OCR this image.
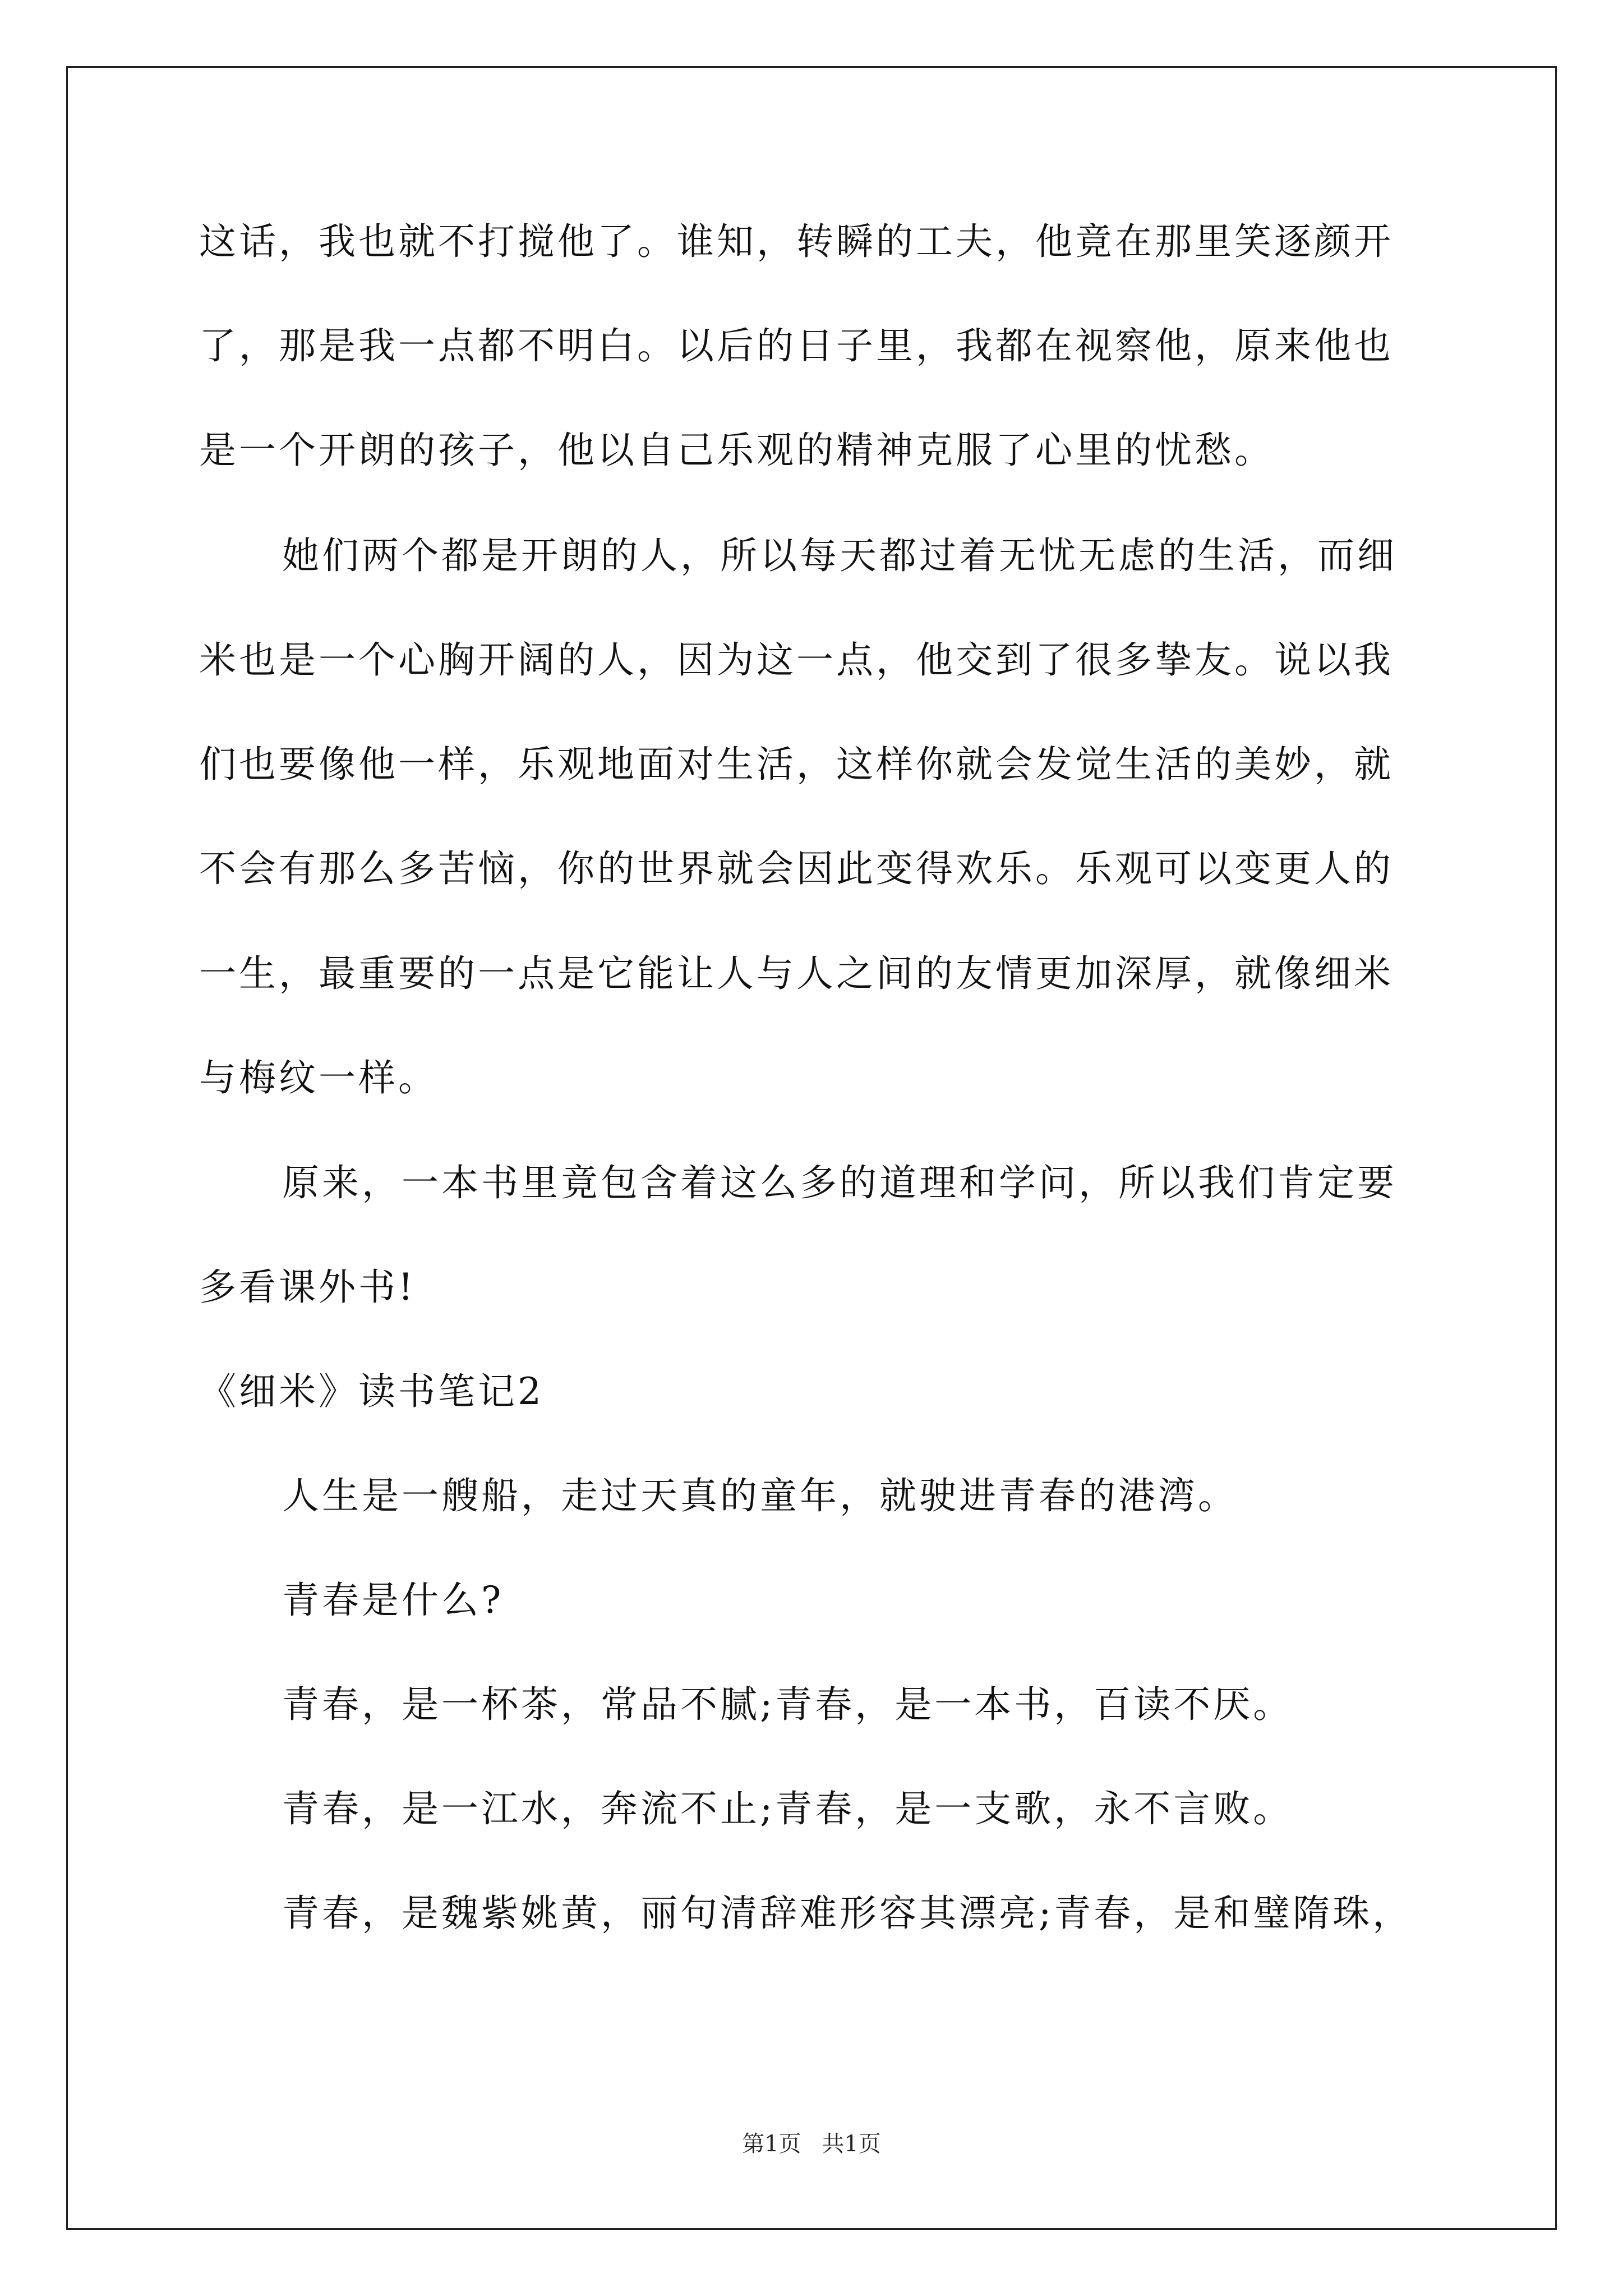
这话，我也就不打搅他了。谁知，转瞬的工夫，他竟在那里笑逐颜开
了，那是我一点都不明白。以后的日子里，我都在视察他，原来他也
是一个开朗的孩子，他以自己乐观的精神克服了心里的忧愁。
她们两个都是开朗的人，所以每天都过着无忧无虑的生活，而细
米也是一个心胸开阔的人，因为这一点，他交到了很多挚友。说以我
们也要像他一样，乐观地面对生活，这样你就会发觉生活的美妙，就
不会有那么多苦恼，你的世界就会因此变得欢乐。乐观可以变更人的
一生，最重要的一点是它能让人与人之间的友情更加深厚，就像细米
与梅纹一样。
原来，一本书里竟包含着这么多的道理和学问，所以我们肯定要
多看课外书!
《细米》读书笔记2
人生是一艘船，走过天真的童年，就驶进青春的港湾。
青春是什么?
青春，是一杯茶，常品不腻;青春，是一本书，百读不厌。
青春，是一江水，奔流不止;青春，是一支歌，永不言败。
青春，是魏紫姚黄，丽句清辞难形容其漂亮;青春，是和璧隋珠，
第1页 共1页
